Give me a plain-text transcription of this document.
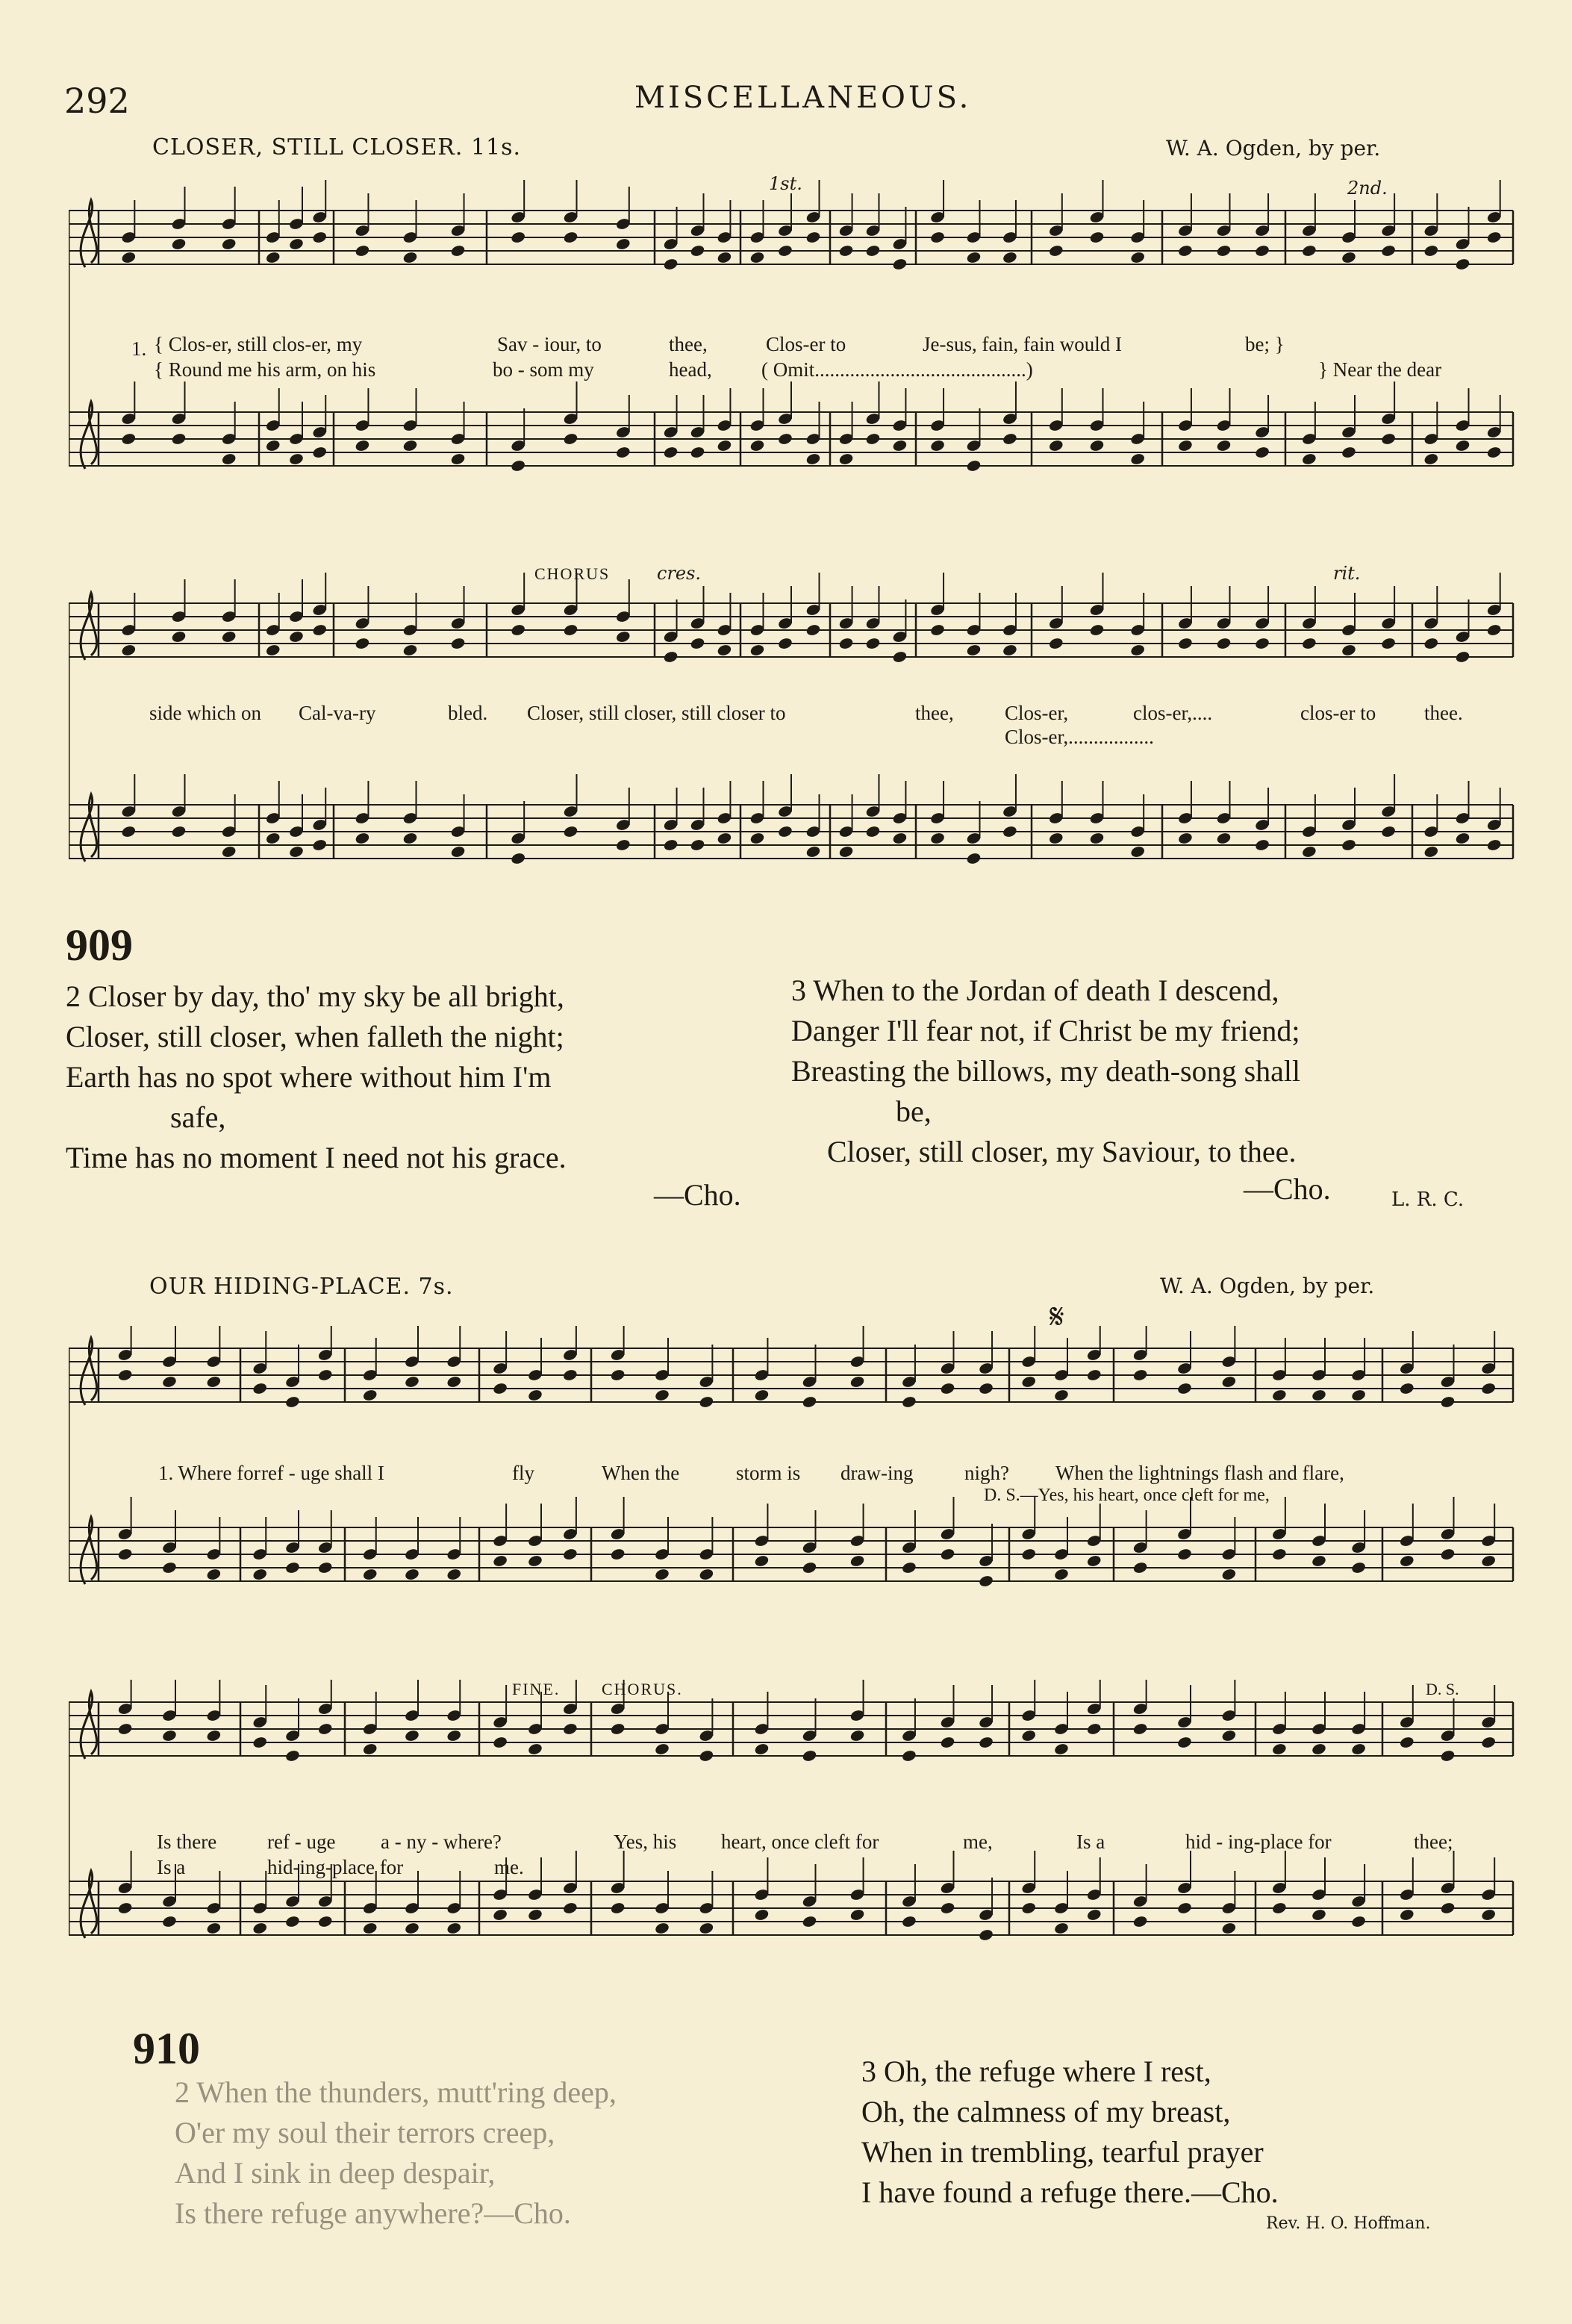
292	MISCELLANEOUS.
CLOSER, STILL CLOSER. 11s.	W. A. Ogden, by per.
1st.	2nd.
1. { Clos-er, still clos-er, my	Sav - iour, to	thee,	Clos-er to	Je-sus, fain, fain would I	be; }
{ Round me his arm, on his	bo - som my	head, ( Omit..........................................)	} Near the dear
CHORUS	cres.	rit.
side which on Cal-va-ry	bled. Closer, still closer, still closer to	thee,	Clos-er,	clos-er,....	clos-er to thee.
Clos-er,.................
909
2 Closer by day, tho' my sky be all bright,
Closer, still closer, when falleth the night;
Earth has no spot where without him I'm
safe,
Time has no moment I need not his grace.
—Cho.
3 When to the Jordan of death I descend,
Danger I'll fear not, if Christ be my friend;
Breasting the billows, my death-song shall
be,
Closer, still closer, my Saviour, to thee.
—Cho.	L. R. C.
OUR HIDING-PLACE. 7s.	W. A. Ogden, by per.
𝄋
1. Where for ref - uge shall I	fly	When the	storm is draw-ing	nigh? When the lightnings flash and flare,
D. S.—Yes, his heart, once cleft for me,
FINE.	CHORUS.	D. S.
Is there	ref - uge a - ny - where?	Yes, his heart, once cleft for	me,	Is a	hid - ing-place for	thee;
Is a	hid-ing-place for	me.
910
2 When the thunders, mutt'ring deep,
O'er my soul their terrors creep,
And I sink in deep despair,
Is there refuge anywhere?—Cho.
3 Oh, the refuge where I rest,
Oh, the calmness of my breast,
When in trembling, tearful prayer
I have found a refuge there.—Cho.
Rev. H. O. Hoffman.
